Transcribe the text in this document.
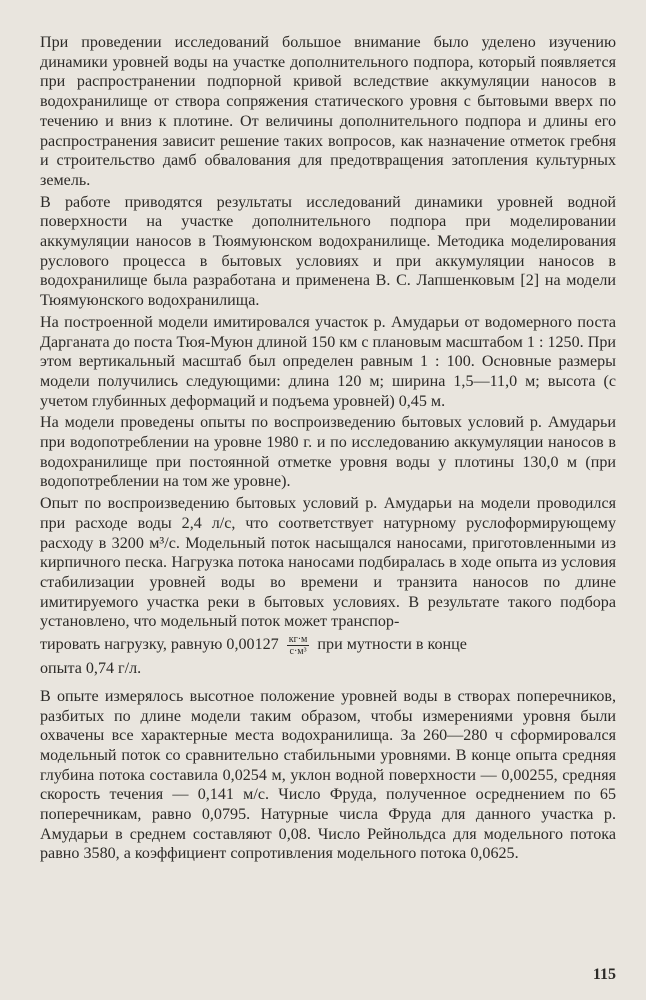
При проведении исследований большое внимание было уделено изучению динамики уровней воды на участке дополнительного подпора, который появляется при распространении подпорной кривой вследствие аккумуляции наносов в водохранилище от створа сопряжения статического уровня с бытовыми вверх по течению и вниз к плотине. От величины дополнительного подпора и длины его распространения зависит решение таких вопросов, как назначение отметок гребня и строительство дамб обвалования для предотвращения затопления культурных земель.

В работе приводятся результаты исследований динамики уровней водной поверхности на участке дополнительного подпора при моделировании аккумуляции наносов в Тюямуюнском водохранилище. Методика моделирования руслового процесса в бытовых условиях и при аккумуляции наносов в водохранилище была разработана и применена В. С. Лапшенковым [2] на модели Тюямуюнского водохранилища.

На построенной модели имитировался участок р. Амударьи от водомерного поста Дарганата до поста Тюя-Муюн длиной 150 км с плановым масштабом 1 : 1250. При этом вертикальный масштаб был определен равным 1 : 100. Основные размеры модели получились следующими: длина 120 м; ширина 1,5—11,0 м; высота (с учетом глубинных деформаций и подъема уровней) 0,45 м.

На модели проведены опыты по воспроизведению бытовых условий р. Амударьи при водопотреблении на уровне 1980 г. и по исследованию аккумуляции наносов в водохранилище при постоянной отметке уровня воды у плотины 130,0 м (при водопотреблении на том же уровне).

Опыт по воспроизведению бытовых условий р. Амударьи на модели проводился при расходе воды 2,4 л/с, что соответствует натурному руслоформирующему расходу в 3200 м³/с. Модельный поток насыщался наносами, приготовленными из кирпичного песка. Нагрузка потока наносами подбиралась в ходе опыта из условия стабилизации уровней воды во времени и транзита наносов по длине имитируемого участка реки в бытовых условиях. В результате такого подбора установлено, что модельный поток может транспор-

тировать нагрузку, равную $0,00127 \frac{кг\cdot м}{\text{с·м³}}$ при мутности в конце

опыта 0,74 г/л.

В опыте измерялось высотное положение уровней воды в створах поперечников, разбитых по длине модели таким образом, чтобы измерениями уровня были охвачены все характерные места водохранилища. За 260—280 ч сформировался модельный поток со сравнительно стабильными уровнями. В конце опыта средняя глубина потока составила 0,0254 м, уклон водной поверхности — 0,00255, средняя скорость течения — 0,141 м/с. Число Фруда, полученное осреднением по 65 поперечникам, равно 0,0795. Натурные числа Фруда для данного участка р. Амударьи в среднем составляют 0,08. Число Рейнольдса для модельного потока равно 3580, а коэффициент сопротивления модельного потока 0,0625.

115
